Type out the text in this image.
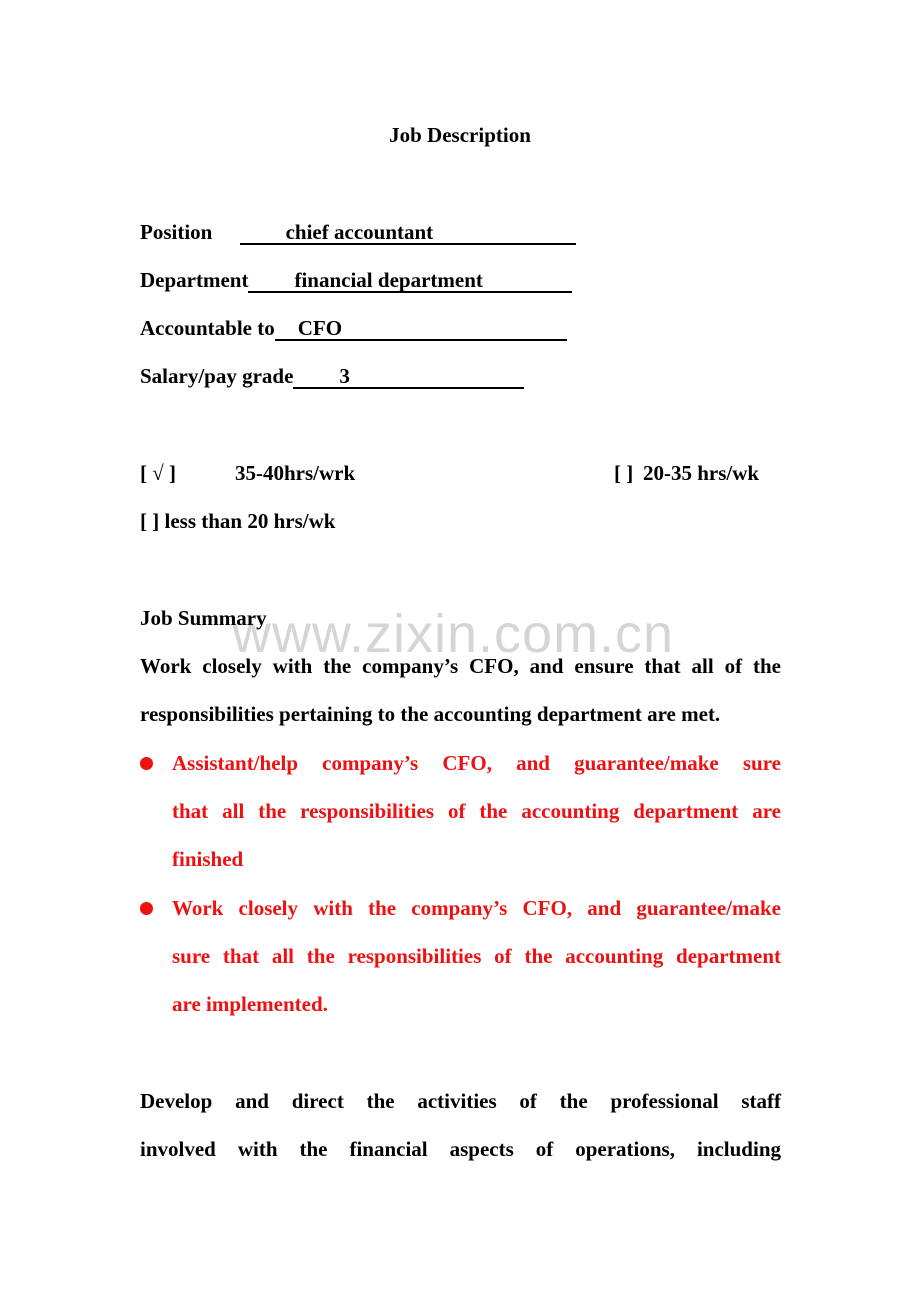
Job Description
Position	chief accountant
Department financial department
Accountable to CFO
Salary/pay grade 3
[ √ ]	35-40hrs/wrk	[ ] 20-35 hrs/wk
[ ] less than 20 hrs/wk
www.zixin.com.cn
Job Summary
Work closely with the company’s CFO, and ensure that all of the
responsibilities pertaining to the accounting department are met.
Assistant/help company’s CFO, and guarantee/make sure
that all the responsibilities of the accounting department are
finished
Work closely with the company’s CFO, and guarantee/make
sure that all the responsibilities of the accounting department
are implemented.
Develop and direct the activities of the professional staff
involved with the financial aspects of operations, including
